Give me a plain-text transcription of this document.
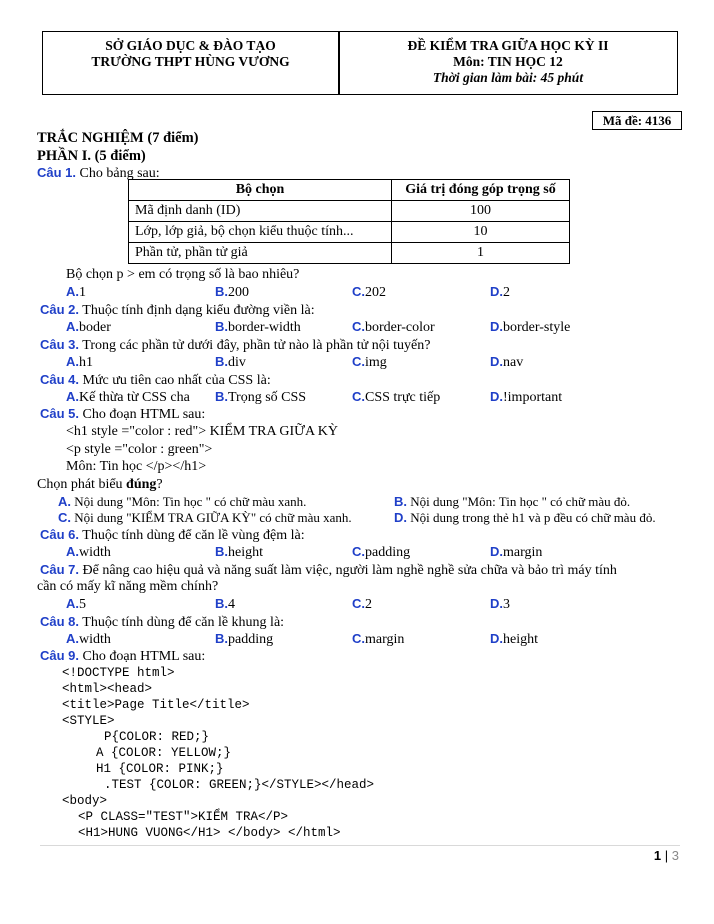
SỞ GIÁO DỤC & ĐÀO TẠO
TRƯỜNG THPT HÙNG VƯƠNG
ĐỀ KIỂM TRA GIỮA HỌC KỲ II
Môn: TIN HỌC 12
Thời gian làm bài: 45 phút
Mã đề: 4136
TRẮC NGHIỆM (7 điểm)
PHẦN I. (5 điểm)
Câu 1. Cho bảng sau:
Bộ chọn	Giá trị đóng góp trọng số
Mã định danh (ID)	100
Lớp, lớp giả, bộ chọn kiểu thuộc tính...	10
Phần tử, phần tử giả	1
Bộ chọn p > em có trọng số là bao nhiêu?
A.1	B.200	C.202	D.2
Câu 2. Thuộc tính định dạng kiểu đường viền là:
A.boder	B.border-width	C.border-color	D.border-style
Câu 3. Trong các phần tử dưới đây, phần tử nào là phần tử nội tuyến?
A.h1	B.div	C.img	D.nav
Câu 4. Mức ưu tiên cao nhất của CSS là:
A.Kế thừa từ CSS cha B.Trọng số CSS	C.CSS trực tiếp	D.!important
Câu 5. Cho đoạn HTML sau:
<h1 style ="color : red"> KIỂM TRA GIỮA KỲ
<p style ="color : green">
Môn: Tin học </p></h1>
Chọn phát biểu đúng?
A. Nội dung "Môn: Tin học " có chữ màu xanh.	B. Nội dung "Môn: Tin học " có chữ màu đỏ.
C. Nội dung "KIỂM TRA GIỮA KỲ" có chữ màu xanh.	D. Nội dung trong thẻ h1 và p đều có chữ màu đỏ.
Câu 6. Thuộc tính dùng để căn lề vùng đệm là:
A.width	B.height	C.padding	D.margin
Câu 7. Để nâng cao hiệu quả và năng suất làm việc, người làm nghề nghề sửa chữa và bảo trì máy tính
cần có mấy kĩ năng mềm chính?
A.5	B.4	C.2	D.3
Câu 8. Thuộc tính dùng để căn lề khung là:
A.width	B.padding	C.margin	D.height
Câu 9. Cho đoạn HTML sau:
<!DOCTYPE html>
<html><head>
<title>Page Title</title>
<STYLE>
P{COLOR: RED;}
A {COLOR: YELLOW;}
H1 {COLOR: PINK;}
.TEST {COLOR: GREEN;}</STYLE></head>
<body>
<P CLASS="TEST">KIỂM TRA</P>
<H1>HUNG VUONG</H1> </body> </html>
1 | 3
